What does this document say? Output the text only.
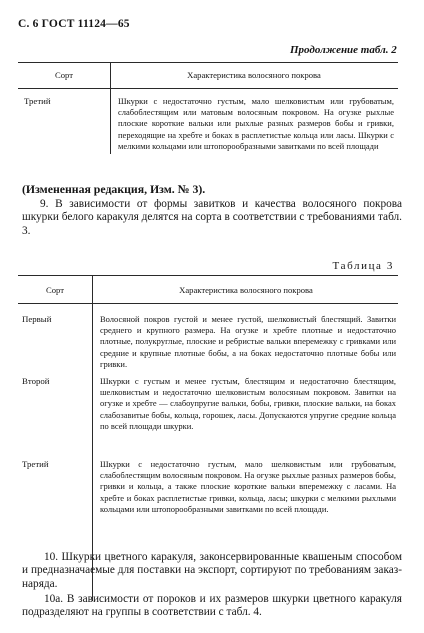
С. 6 ГОСТ 11124—65
Продолжение табл. 2
Сорт	Характеристика волосяного покрова
Третий	Шкурки с недостаточно густым, мало шелковистым или грубоватым, слабоблестящим или матовым волосяным покровом. На огузке рыхлые плоские короткие вальки или рыхлые разных размеров бобы и гривки, переходящие на хребте и боках в расплетистые кольца или ласы. Шкурки с мелкими кольцами или штопорообразными завитками по всей площади
(Измененная редакция, Изм. № 3).
9. В зависимости от формы завитков и качества волосяного покрова шкурки белого каракуля делятся на сорта в соответствии с требованиями табл. 3.
Таблица 3
Сорт	Характеристика волосяного покрова
Первый	Волосяной покров густой и менее густой, шелковистый блестящий. Завитки среднего и крупного размера. На огузке и хребте плотные и недостаточно плотные, полукруглые, плоские и ребристые вальки вперемежку с гривками или средние и крупные плотные бобы, а на боках недостаточно плотные бобы или гривки.
Второй	Шкурки с густым и менее густым, блестящим и недостаточно блестящим, шелковистым и недостаточно шелковистым волосяным покровом. Завитки на огузке и хребте — слабоупругие вальки, бобы, гривки, плоские вальки, на боках слабозавитые бобы, кольца, горошек, ласы. Допускаются упругие средние кольца по всей площади шкурки.
Третий	Шкурки с недостаточно густым, мало шелковистым или грубоватым, слабоблестящим волосяным покровом. На огузке рыхлые разных размеров бобы, гривки и кольца, а также плоские короткие вальки вперемежку с ласами. На хребте и боках расплетистые гривки, кольца, ласы; шкурки с мелкими рыхлыми кольцами или штопорообразными завитками по всей площади.
10. Шкурки цветного каракуля, законсервированные квашеным способом и предназначаемые для поставки на экспорт, сортируют по требованиям заказ-наряда.
10а. В зависимости от пороков и их размеров шкурки цветного каракуля подразделяют на группы в соответствии с табл. 4.
